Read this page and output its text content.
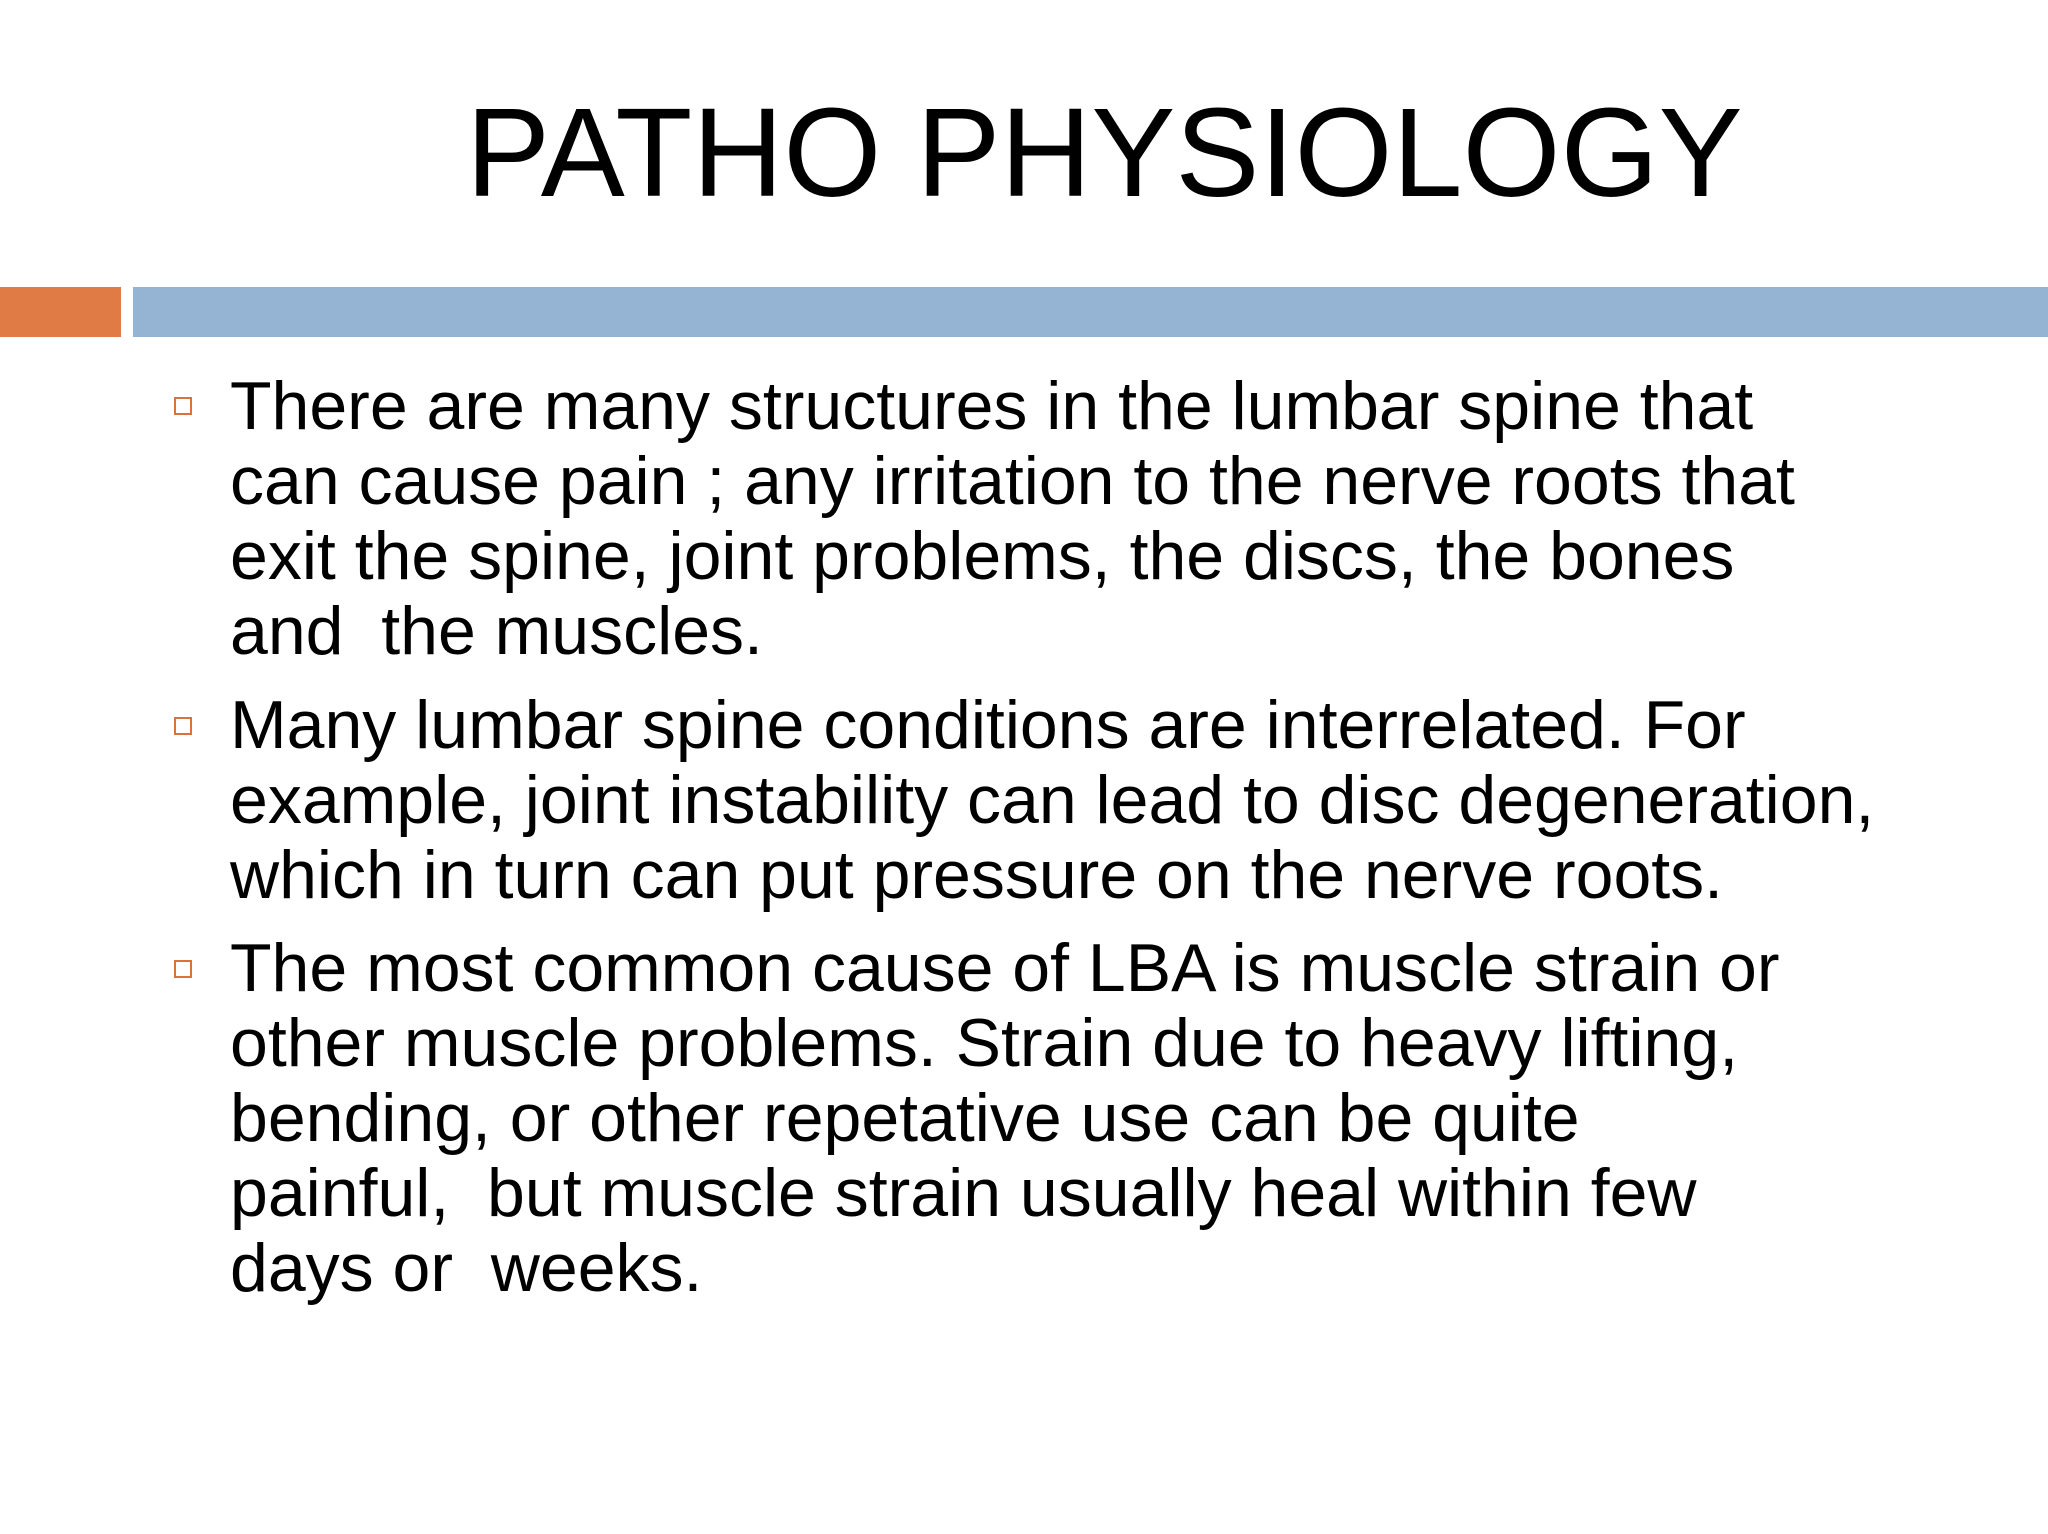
PATHO PHYSIOLOGY

There are many structures in the lumbar spine that

can cause pain ; any irritation to the nerve roots that

exit the spine, joint problems, the discs, the bones

and  the muscles.

Many lumbar spine conditions are interrelated. For

example, joint instability can lead to disc degeneration,

which in turn can put pressure on the nerve roots.

The most common cause of LBA is muscle strain or

other muscle problems. Strain due to heavy lifting,

bending, or other repetative use can be quite

painful,  but muscle strain usually heal within few

days or  weeks.
